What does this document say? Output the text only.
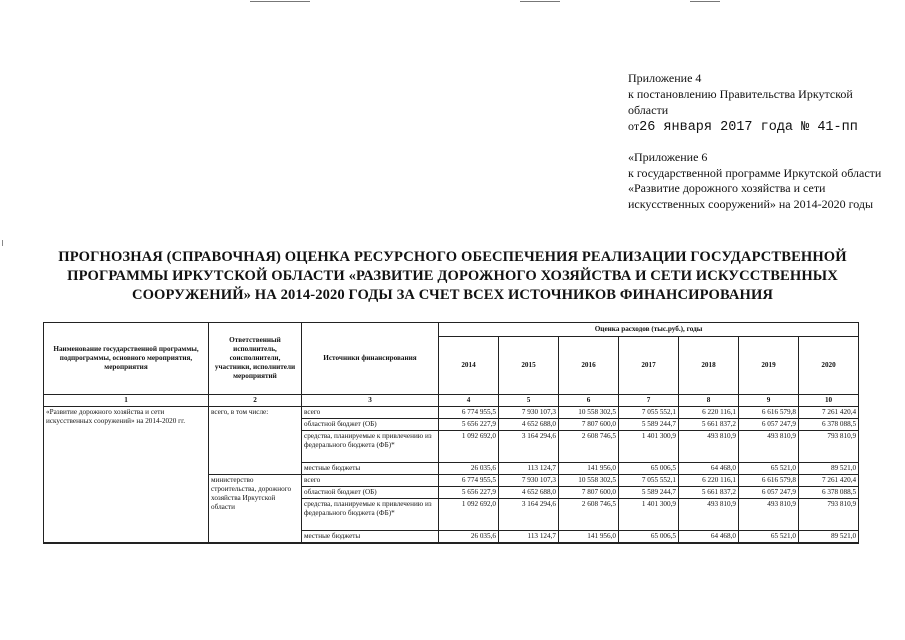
Приложение 4
к постановлению Правительства Иркутской области
от26 января 2017 года № 41-пп
«Приложение 6
к государственной программе Иркутской области «Развитие дорожного хозяйства и сети искусственных сооружений» на 2014-2020 годы
ПРОГНОЗНАЯ (СПРАВОЧНАЯ) ОЦЕНКА РЕСУРСНОГО ОБЕСПЕЧЕНИЯ РЕАЛИЗАЦИИ ГОСУДАРСТВЕННОЙ ПРОГРАММЫ ИРКУТСКОЙ ОБЛАСТИ «РАЗВИТИЕ ДОРОЖНОГО ХОЗЯЙСТВА И СЕТИ ИСКУССТВЕННЫХ СООРУЖЕНИЙ» НА 2014-2020 ГОДЫ ЗА СЧЕТ ВСЕХ ИСТОЧНИКОВ ФИНАНСИРОВАНИЯ
Наименование государственной программы, подпрограммы, основного мероприятия, мероприятия	Ответственный исполнитель, соисполнители, участники, исполнители мероприятий	Источники финансирования	Оценка расходов (тыс.руб.), годы						
			2014	2015	2016	2017	2018	2019	2020
1	2	3	4	5	6	7	8	9	10
«Развитие дорожного хозяйства и сети искусственных сооружений» на 2014-2020 гг.	всего, в том числе:	всего	6 774 955,5	7 930 107,3	10 558 302,5	7 055 552,1	6 220 116,1	6 616 579,8	7 261 420,4
		областной бюджет (ОБ)	5 656 227,9	4 652 688,0	7 807 600,0	5 589 244,7	5 661 837,2	6 057 247,9	6 378 088,5
		средства, планируемые к привлечению из федерального бюджета (ФБ)*	1 092 692,0	3 164 294,6	2 608 746,5	1 401 300,9	493 810,9	493 810,9	793 810,9
		местные бюджеты	26 035,6	113 124,7	141 956,0	65 006,5	64 468,0	65 521,0	89 521,0
	министерство строительства, дорожного хозяйства Иркутской области	всего	6 774 955,5	7 930 107,3	10 558 302,5	7 055 552,1	6 220 116,1	6 616 579,8	7 261 420,4
		областной бюджет (ОБ)	5 656 227,9	4 652 688,0	7 807 600,0	5 589 244,7	5 661 837,2	6 057 247,9	6 378 088,5
		средства, планируемые к привлечению из федерального бюджета (ФБ)*	1 092 692,0	3 164 294,6	2 608 746,5	1 401 300,9	493 810,9	493 810,9	793 810,9
		местные бюджеты	26 035,6	113 124,7	141 956,0	65 006,5	64 468,0	65 521,0	89 521,0
